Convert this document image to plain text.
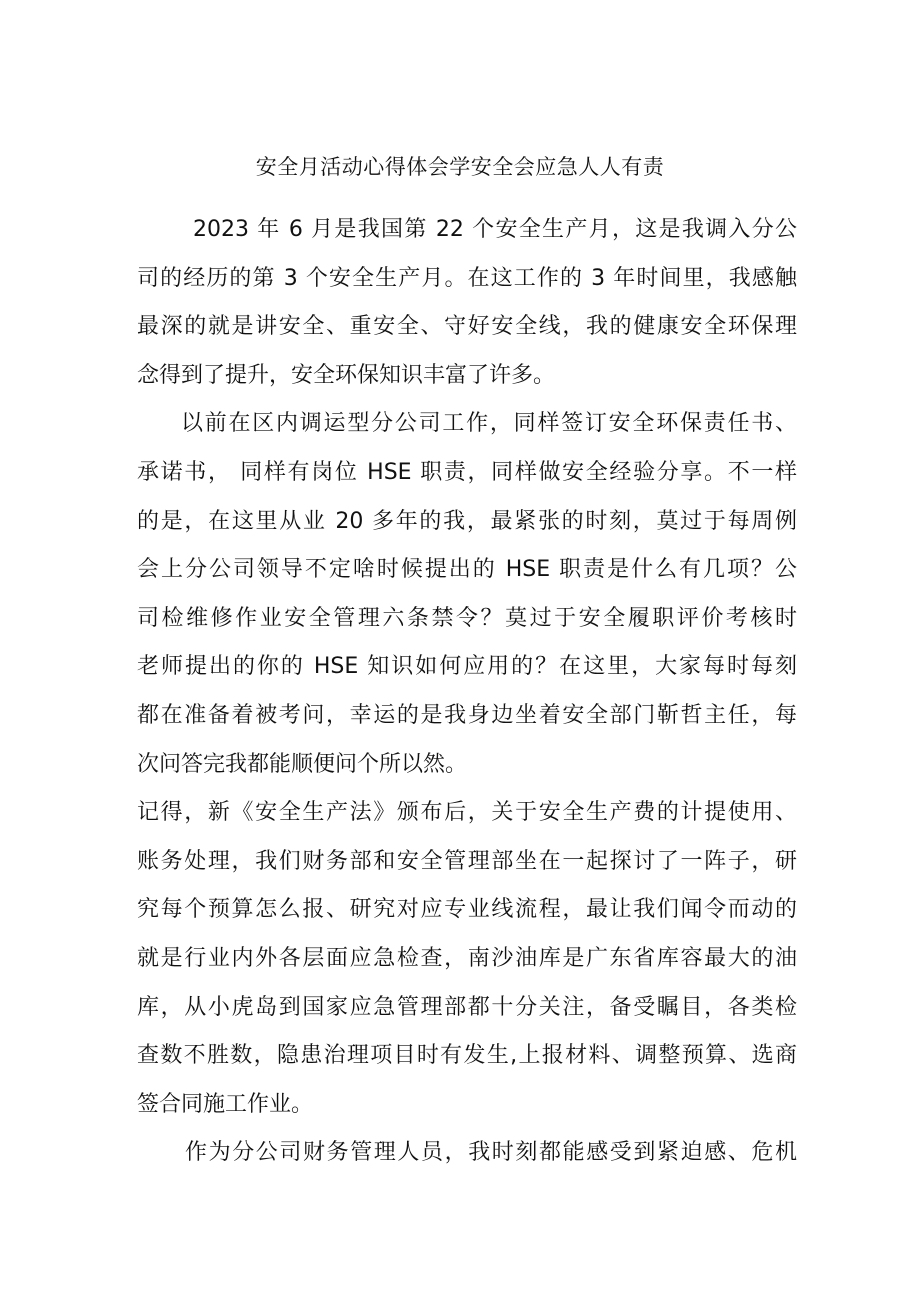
安全月活动心得体会学安全会应急人人有责
2023 年 6 月是我国第 22 个安全生产月，这是我调入分公
司的经历的第 3 个安全生产月。在这工作的 3 年时间里，我感触
最深的就是讲安全、重安全、守好安全线，我的健康安全环保理
念得到了提升，安全环保知识丰富了许多。
以前在区内调运型分公司工作，同样签订安全环保责任书、
承诺书， 同样有岗位 HSE 职责，同样做安全经验分享。不一样
的是，在这里从业 20 多年的我，最紧张的时刻，莫过于每周例
会上分公司领导不定啥时候提出的 HSE 职责是什么有几项？公
司检维修作业安全管理六条禁令？莫过于安全履职评价考核时
老师提出的你的 HSE 知识如何应用的？在这里，大家每时每刻
都在准备着被考问，幸运的是我身边坐着安全部门靳哲主任，每
次问答完我都能顺便问个所以然。
记得，新《安全生产法》颁布后，关于安全生产费的计提使用、
账务处理，我们财务部和安全管理部坐在一起探讨了一阵子，研
究每个预算怎么报、研究对应专业线流程，最让我们闻令而动的
就是行业内外各层面应急检查，南沙油库是广东省库容最大的油
库，从小虎岛到国家应急管理部都十分关注，备受瞩目，各类检
查数不胜数，隐患治理项目时有发生,上报材料、调整预算、选商
签合同施工作业。
作为分公司财务管理人员，我时刻都能感受到紧迫感、危机
